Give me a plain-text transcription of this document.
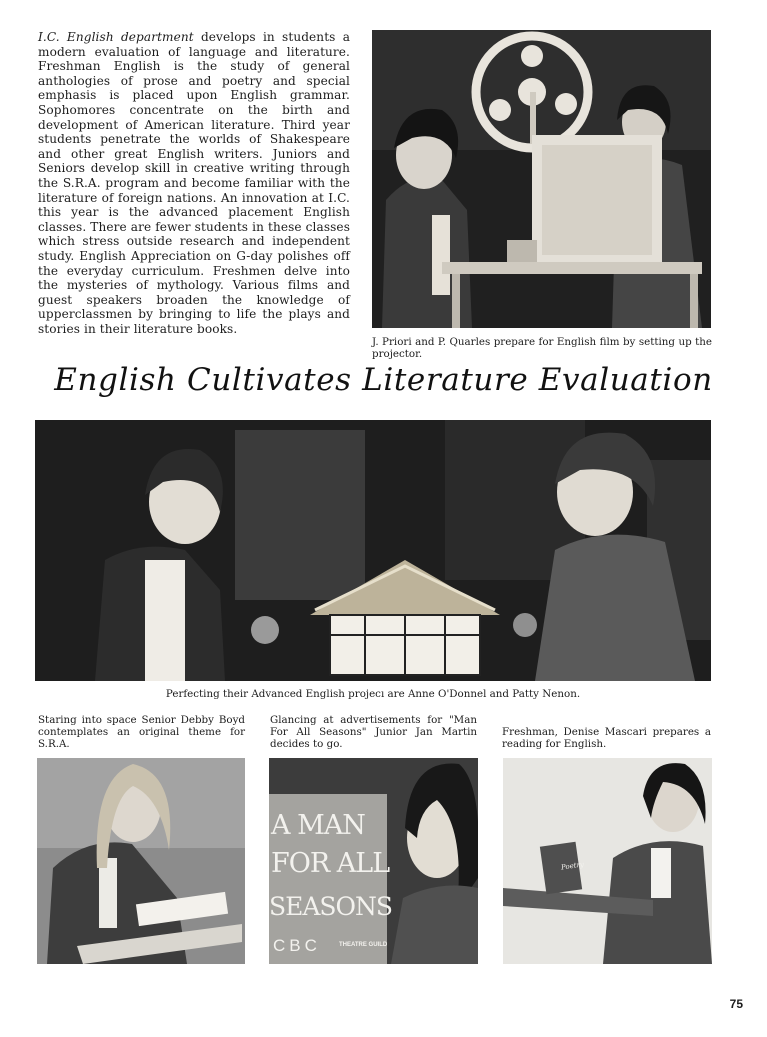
I.C. English department develops in students a modern evaluation of language and literature. Freshman English is the study of general anthologies of prose and poetry and special emphasis is placed upon English grammar. Sophomores concentrate on the birth and development of American literature. Third year students penetrate the worlds of Shakespeare and other great English writers. Juniors and Seniors develop skill in creative writing through the S.R.A. program and become familiar with the literature of foreign nations. An innovation at I.C. this year is the advanced placement English classes. There are fewer students in these classes which stress outside research and independent study. English Appreciation on G-day polishes off the everyday curriculum. Freshmen delve into the mysteries of mythology. Various films and guest speakers broaden the knowledge of upperclassmen by bringing to life the plays and stories in their literature books.
J. Priori and P. Quarles prepare for English film by setting up the projector.
English Cultivates Literature Evaluation
Perfecting their Advanced English projecı are Anne O'Donnel and Patty Nenon.
Staring into space Senior Debby Boyd contemplates an original theme for S.R.A.
Glancing at advertisements for "Man For All Seasons" Junior Jan Martin decides to go.
Freshman, Denise Mascari prepares a reading for English.
A MAN
FOR ALL
SEASONS
CBC	THEATRE GUILD
Poetry
75
